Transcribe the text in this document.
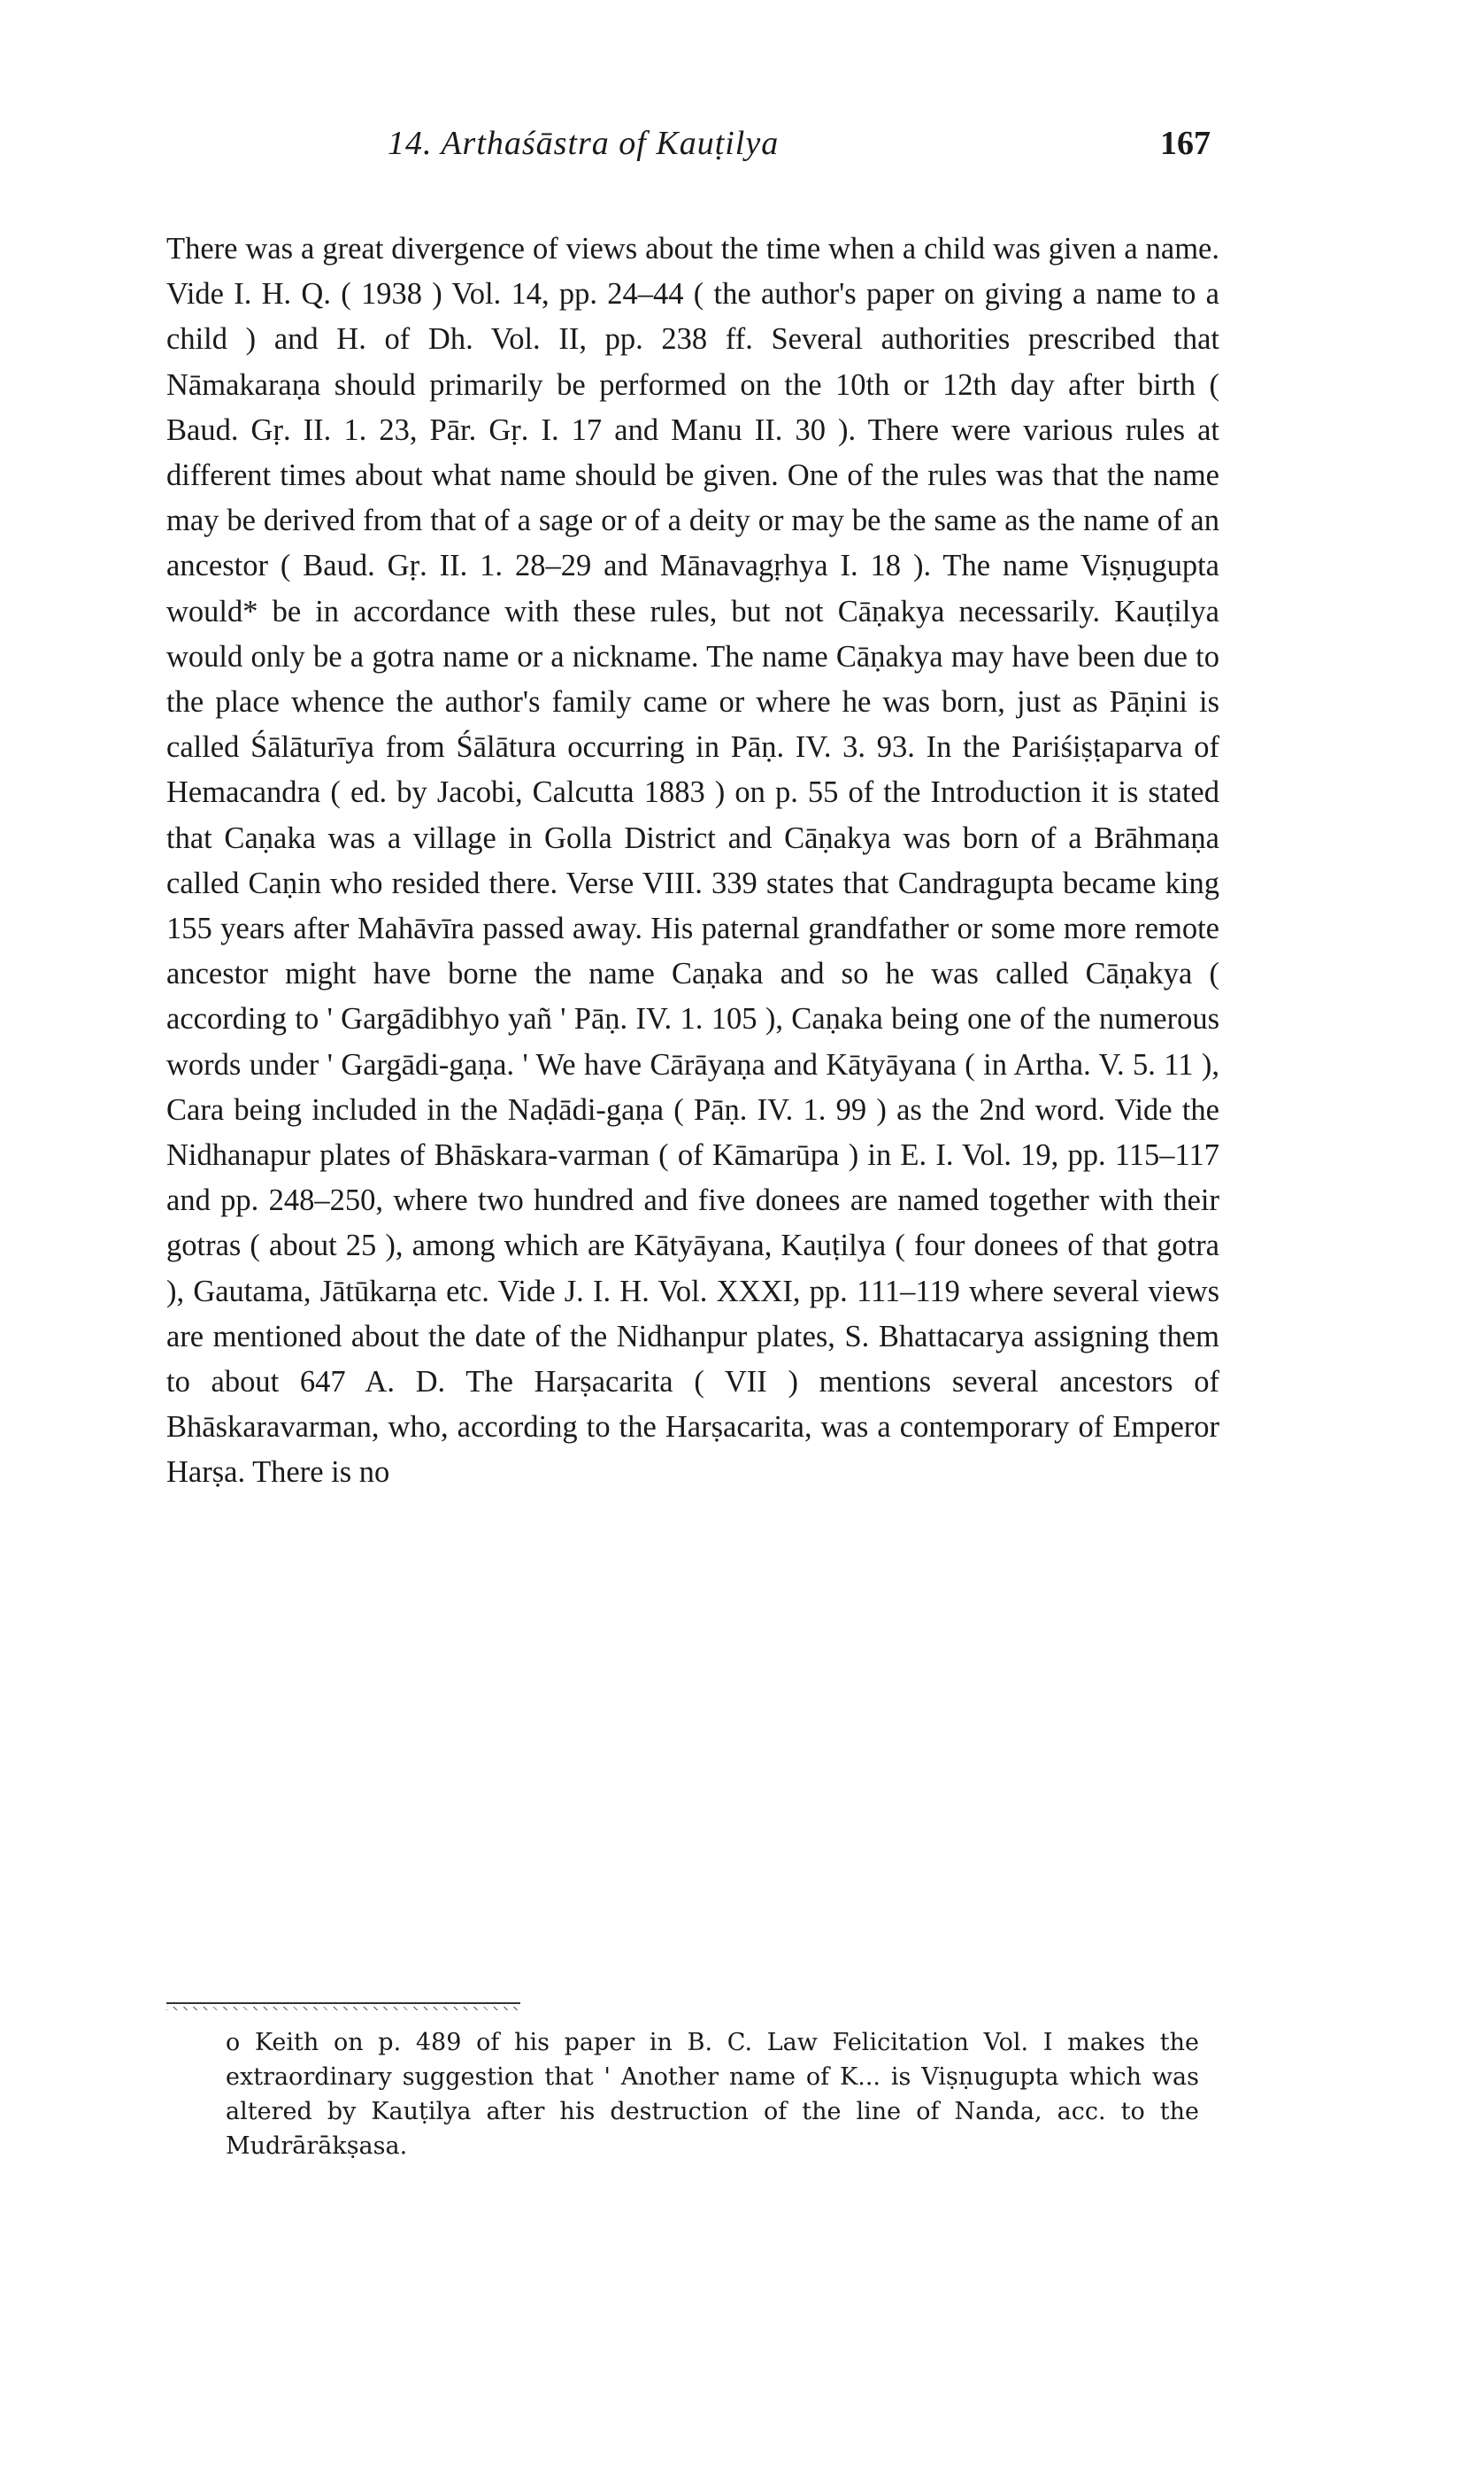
14. Arthaśāstra of Kauṭilya	167

There was a great divergence of views about the time when a child was given a name. Vide I. H. Q. ( 1938 ) Vol. 14, pp. 24–44 ( the author's paper on giving a name to a child ) and H. of Dh. Vol. II, pp. 238 ff. Several authorities prescribed that Nāmakaraṇa should primarily be performed on the 10th or 12th day after birth ( Baud. Gṛ. II. 1. 23, Pār. Gṛ. I. 17 and Manu II. 30 ). There were various rules at different times about what name should be given. One of the rules was that the name may be derived from that of a sage or of a deity or may be the same as the name of an ancestor ( Baud. Gṛ. II. 1. 28–29 and Mānavagṛhya I. 18 ). The name Viṣṇugupta would* be in accordance with these rules, but not Cāṇakya necessarily. Kauṭilya would only be a gotra name or a nickname. The name Cāṇakya may have been due to the place whence the author's family came or where he was born, just as Pāṇini is called Śālāturīya from Śālātura occurring in Pāṇ. IV. 3. 93. In the Pariśiṣṭaparva of Hemacandra ( ed. by Jacobi, Calcutta 1883 ) on p. 55 of the Introduction it is stated that Caṇaka was a village in Golla District and Cāṇakya was born of a Brāhmaṇa called Caṇin who resided there. Verse VIII. 339 states that Candragupta became king 155 years after Mahāvīra passed away. His paternal grandfather or some more remote ancestor might have borne the name Caṇaka and so he was called Cāṇakya ( according to ' Gargādibhyo yañ ' Pāṇ. IV. 1. 105 ), Caṇaka being one of the numerous words under ' Gargādi-gaṇa. ' We have Cārāyaṇa and Kātyāyana ( in Artha. V. 5. 11 ), Cara being included in the Naḍādi-gaṇa ( Pāṇ. IV. 1. 99 ) as the 2nd word. Vide the Nidhanapur plates of Bhāskara-varman ( of Kāmarūpa ) in E. I. Vol. 19, pp. 115–117 and pp. 248–250, where two hundred and five donees are named together with their gotras ( about 25 ), among which are Kātyāyana, Kauṭilya ( four donees of that gotra ), Gautama, Jātūkarṇa etc. Vide J. I. H. Vol. XXXI, pp. 111–119 where several views are mentioned about the date of the Nidhanpur plates, S. Bhattacarya assigning them to about 647 A. D. The Harṣacarita ( VII ) mentions several ancestors of Bhāskaravarman, who, according to the Harṣacarita, was a contemporary of Emperor Harṣa. There is no

o Keith on p. 489 of his paper in B. C. Law Felicitation Vol. I makes the extraordinary suggestion that ' Another name of K... is Viṣṇugupta which was altered by Kauṭilya after his destruction of the line of Nanda, acc. to the Mudrārākṣasa.
